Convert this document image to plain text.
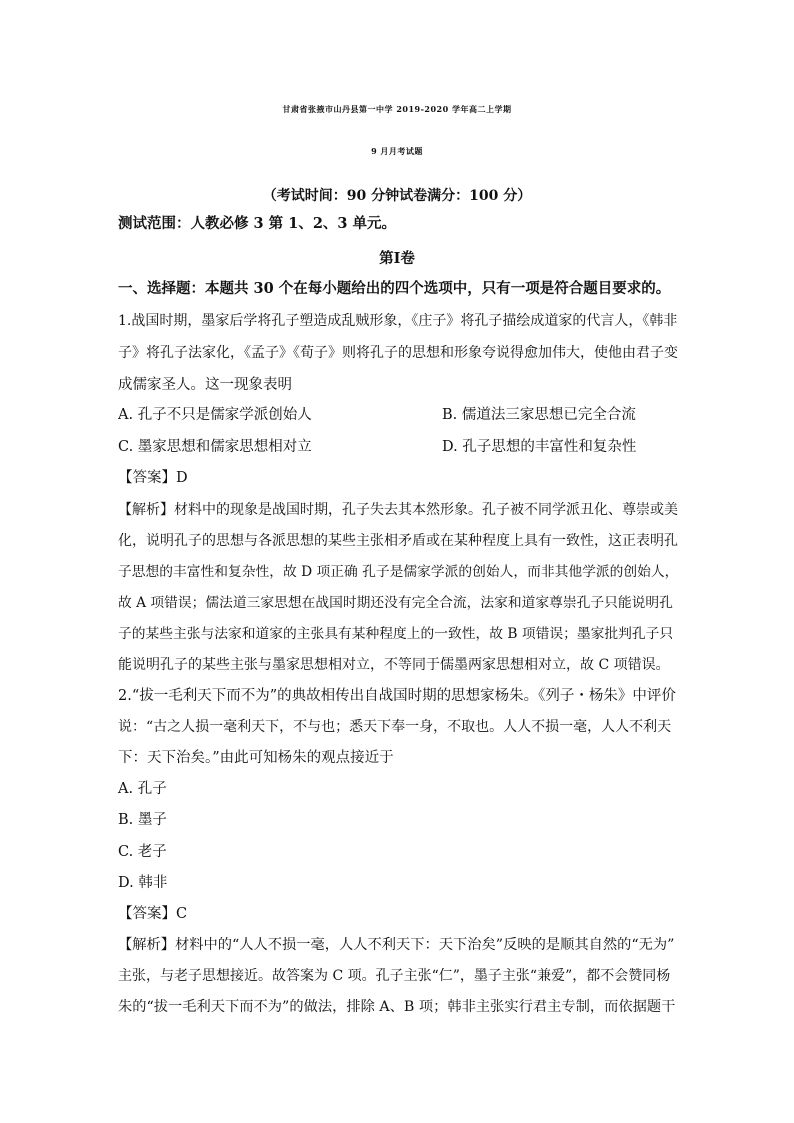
甘肃省张掖市山丹县第一中学 2019-2020 学年高二上学期
9 月月考试题
（考试时间：90 分钟试卷满分：100 分）
测试范围：人教必修 3 第 1、2、3 单元。
第Ⅰ卷
一、选择题：本题共 30 个在每小题给出的四个选项中，只有一项是符合题目要求的。
1.战国时期，墨家后学将孔子塑造成乱贼形象，《庄子》将孔子描绘成道家的代言人，《韩非
子》将孔子法家化，《孟子》《荀子》则将孔子的思想和形象夸说得愈加伟大，使他由君子变
成儒家圣人。这一现象表明
A. 孔子不只是儒家学派创始人	B. 儒道法三家思想已完全合流
C. 墨家思想和儒家思想相对立	D. 孔子思想的丰富性和复杂性
【答案】D
【解析】材料中的现象是战国时期，孔子失去其本然形象。孔子被不同学派丑化、尊崇或美
化，说明孔子的思想与各派思想的某些主张相矛盾或在某种程度上具有一致性，这正表明孔
子思想的丰富性和复杂性，故 D 项正确 孔子是儒家学派的创始人，而非其他学派的创始人，
故 A 项错误；儒法道三家思想在战国时期还没有完全合流，法家和道家尊崇孔子只能说明孔
子的某些主张与法家和道家的主张具有某种程度上的一致性，故 B 项错误；墨家批判孔子只
能说明孔子的某些主张与墨家思想相对立，不等同于儒墨两家思想相对立，故 C 项错误。
2.“拔一毛利天下而不为”的典故相传出自战国时期的思想家杨朱。《列子・杨朱》中评价
说：“古之人损一毫利天下，不与也；悉天下奉一身，不取也。人人不损一毫，人人不利天
下：天下治矣。”由此可知杨朱的观点接近于
A. 孔子
B. 墨子
C. 老子
D. 韩非
【答案】C
【解析】材料中的“人人不损一毫，人人不利天下：天下治矣”反映的是顺其自然的“无为”
主张，与老子思想接近。故答案为 C 项。孔子主张“仁”，墨子主张“兼爱”，都不会赞同杨
朱的“拔一毛利天下而不为”的做法，排除 A、B 项；韩非主张实行君主专制，而依据题干
